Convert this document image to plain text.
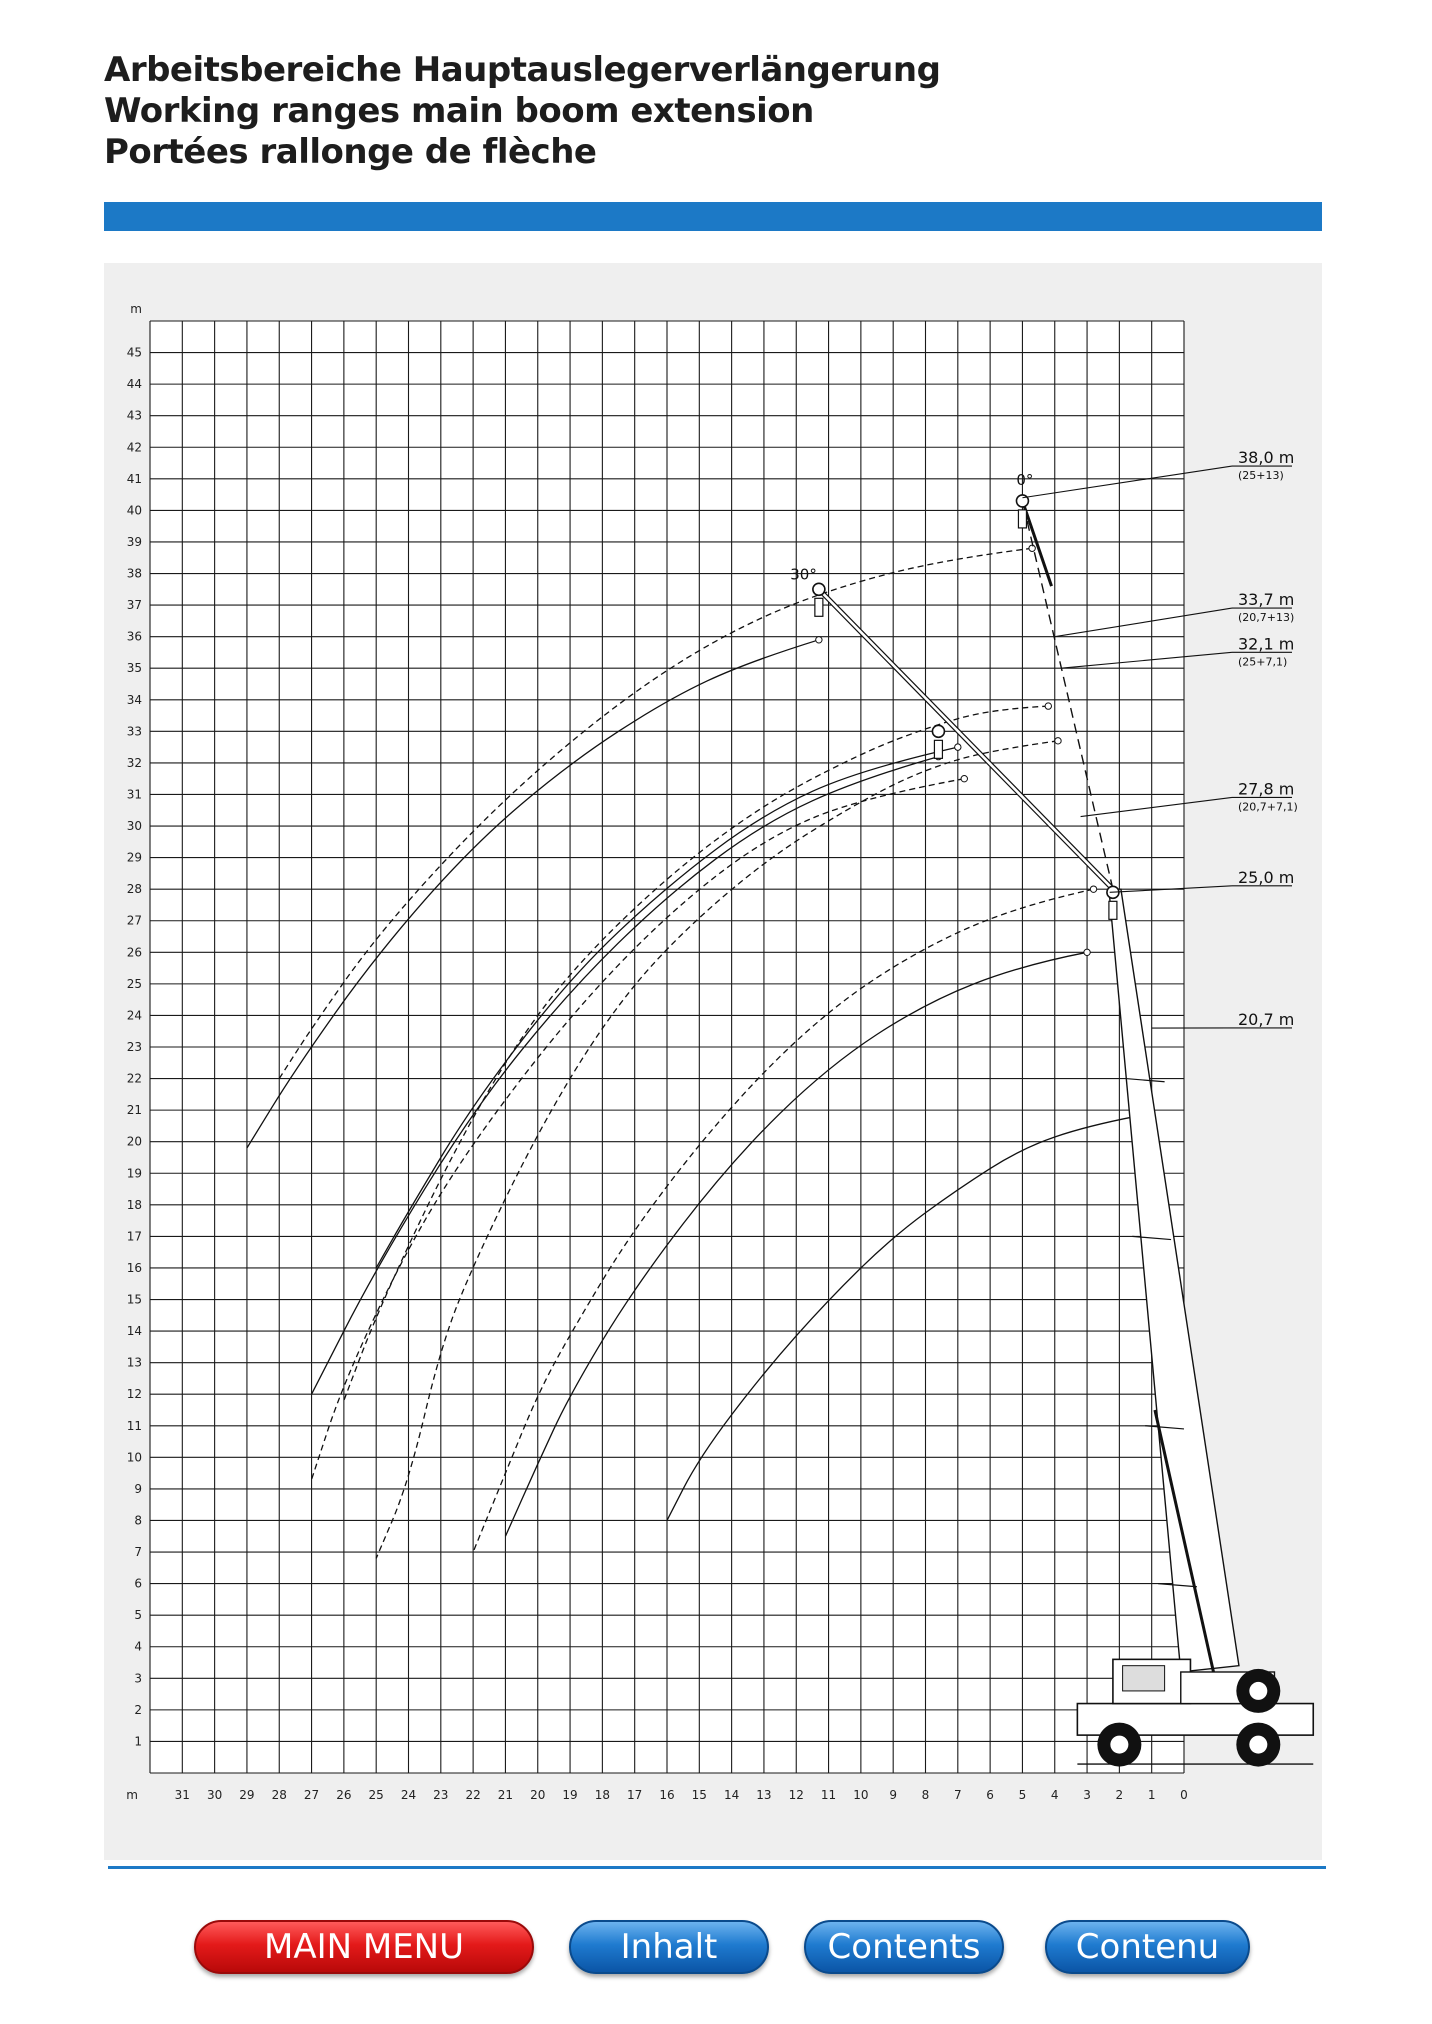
Arbeitsbereiche Hauptauslegerverlängerung
Working ranges main boom extension
Portées rallonge de flèche
1
2
3
4
5
6
7
8
9
10
11
12
13
14
15
16
17
18
19
20
21
22
23
24
25
26
27
28
29
30
31
32
33
34
35
36
37
38
39
40
41
42
43
44
45
m
31 30 29 28 27 26 25 24 23 22 21 20 19 18 17 16 15 14 13 12 11 10 9 8 7 6 5 4 3 2 1 0
m
0°
30°
38,0 m
(25+13)
33,7 m
(20,7+13)
32,1 m
(25+7,1)
27,8 m
(20,7+7,1)
25,0 m
20,7 m
MAIN MENU	Inhalt	Contents	Contenu
